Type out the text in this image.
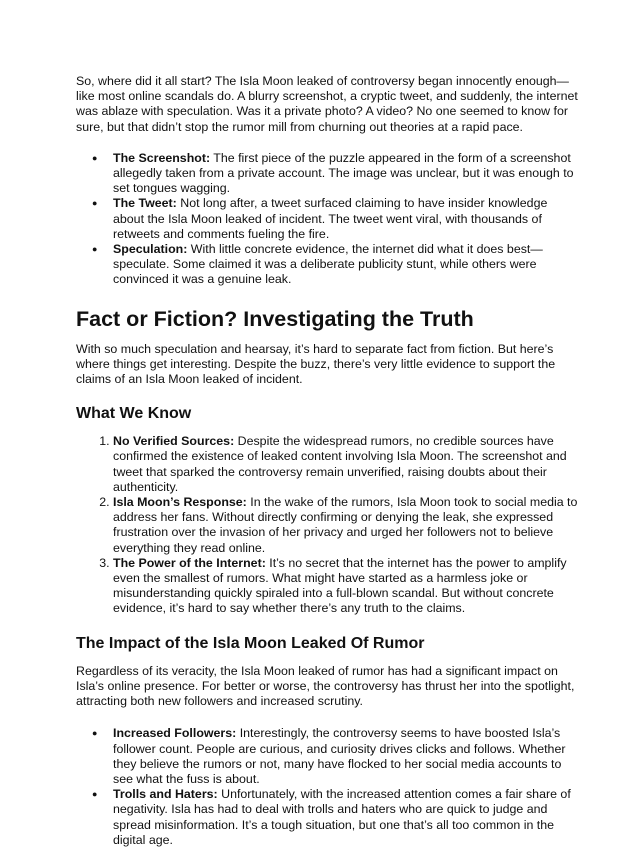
So, where did it all start? The Isla Moon leaked of controversy began innocently enough—like most online scandals do. A blurry screenshot, a cryptic tweet, and suddenly, the internet was ablaze with speculation. Was it a private photo? A video? No one seemed to know for sure, but that didn’t stop the rumor mill from churning out theories at a rapid pace.

● The Screenshot: The first piece of the puzzle appeared in the form of a screenshot allegedly taken from a private account. The image was unclear, but it was enough to set tongues wagging.
● The Tweet: Not long after, a tweet surfaced claiming to have insider knowledge about the Isla Moon leaked of incident. The tweet went viral, with thousands of retweets and comments fueling the fire.
● Speculation: With little concrete evidence, the internet did what it does best—speculate. Some claimed it was a deliberate publicity stunt, while others were convinced it was a genuine leak.
Fact or Fiction? Investigating the Truth

With so much speculation and hearsay, it’s hard to separate fact from fiction. But here’s where things get interesting. Despite the buzz, there’s very little evidence to support the claims of an Isla Moon leaked of incident.

What We Know
1. No Verified Sources: Despite the widespread rumors, no credible sources have confirmed the existence of leaked content involving Isla Moon. The screenshot and tweet that sparked the controversy remain unverified, raising doubts about their authenticity.
2. Isla Moon’s Response: In the wake of the rumors, Isla Moon took to social media to address her fans. Without directly confirming or denying the leak, she expressed frustration over the invasion of her privacy and urged her followers not to believe everything they read online.
3. The Power of the Internet: It’s no secret that the internet has the power to amplify even the smallest of rumors. What might have started as a harmless joke or misunderstanding quickly spiraled into a full-blown scandal. But without concrete evidence, it’s hard to say whether there’s any truth to the claims.
The Impact of the Isla Moon Leaked Of Rumor

Regardless of its veracity, the Isla Moon leaked of rumor has had a significant impact on Isla’s online presence. For better or worse, the controversy has thrust her into the spotlight, attracting both new followers and increased scrutiny.

● Increased Followers: Interestingly, the controversy seems to have boosted Isla’s follower count. People are curious, and curiosity drives clicks and follows. Whether they believe the rumors or not, many have flocked to her social media accounts to see what the fuss is about.
● Trolls and Haters: Unfortunately, with the increased attention comes a fair share of negativity. Isla has had to deal with trolls and haters who are quick to judge and spread misinformation. It’s a tough situation, but one that’s all too common in the digital age.
